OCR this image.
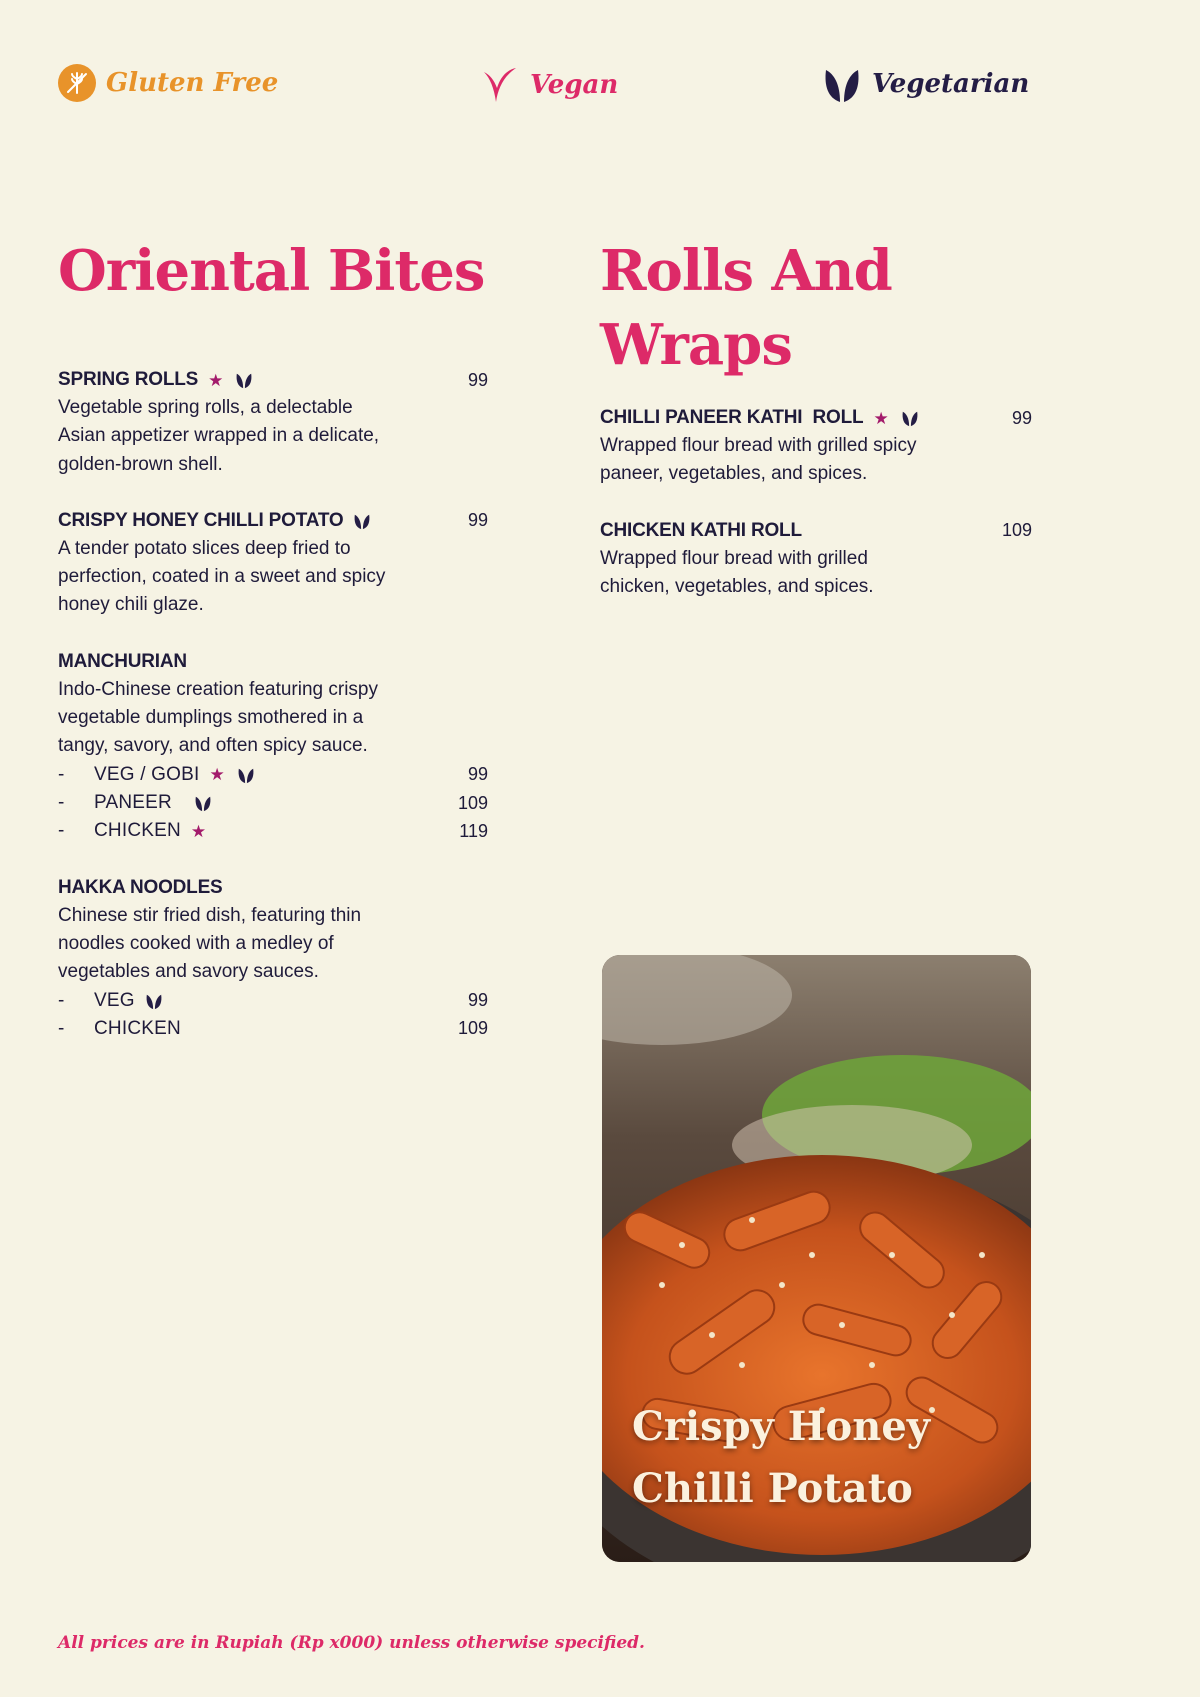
Gluten Free	Vegan	Vegetarian
Oriental Bites Rolls And Wraps
SPRING ROLLS ★	99
Vegetable spring rolls, a delectable Asian appetizer wrapped in a delicate, golden-brown shell.
CRISPY HONEY CHILLI POTATO	99
A tender potato slices deep fried to perfection, coated in a sweet and spicy honey chili glaze.
MANCHURIAN
Indo-Chinese creation featuring crispy vegetable dumplings smothered in a tangy, savory, and often spicy sauce.
-	VEG / GOBI ★	99
-	PANEER	109
-	CHICKEN ★	119
HAKKA NOODLES
Chinese stir fried dish, featuring thin noodles cooked with a medley of vegetables and savory sauces.
-	VEG	99
-	CHICKEN	109
CHILLI PANEER KATHI  ROLL ★	99
Wrapped flour bread with grilled spicy paneer, vegetables, and spices.
CHICKEN KATHI ROLL	109
Wrapped flour bread with grilled chicken, vegetables, and spices.

Crispy Honey
Chilli Potato

All prices are in Rupiah (Rp x000) unless otherwise specified.
